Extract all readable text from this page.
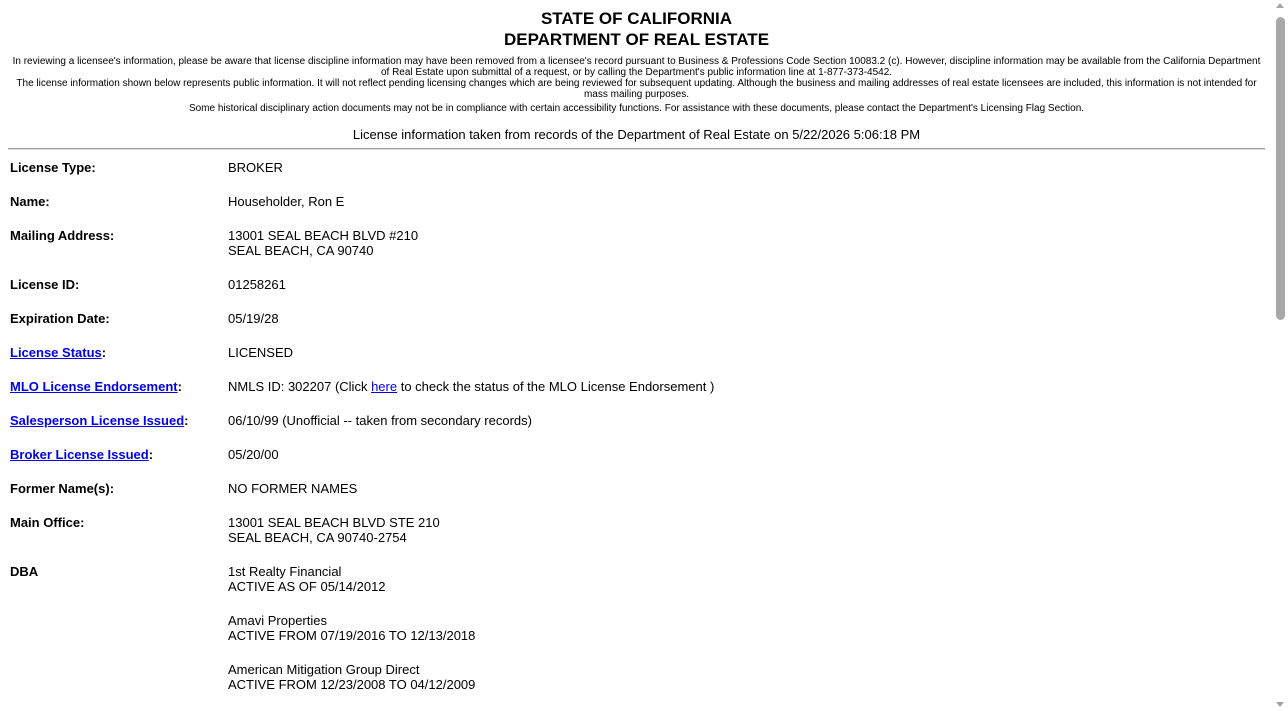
STATE OF CALIFORNIA
DEPARTMENT OF REAL ESTATE
In reviewing a licensee's information, please be aware that license discipline information may have been removed from a licensee's record pursuant to Business & Professions Code Section 10083.2 (c). However, discipline information may be available from the California Department of Real Estate upon submittal of a request, or by calling the Department's public information line at 1-877-373-4542.
The license information shown below represents public information. It will not reflect pending licensing changes which are being reviewed for subsequent updating. Although the business and mailing addresses of real estate licensees are included, this information is not intended for mass mailing purposes.
Some historical disciplinary action documents may not be in compliance with certain accessibility functions. For assistance with these documents, please contact the Department's Licensing Flag Section.
License information taken from records of the Department of Real Estate on 5/22/2026 5:06:18 PM
License Type:	BROKER
Name:	Householder, Ron E
Mailing Address:	13001 SEAL BEACH BLVD #210
SEAL BEACH, CA 90740
License ID:	01258261
Expiration Date:	05/19/28
License Status:	LICENSED
MLO License Endorsement:	NMLS ID: 302207 (Click here to check the status of the MLO License Endorsement )
Salesperson License Issued:	06/10/99 (Unofficial -- taken from secondary records)
Broker License Issued:	05/20/00
Former Name(s):	NO FORMER NAMES
Main Office:	13001 SEAL BEACH BLVD STE 210
SEAL BEACH, CA 90740-2754
DBA	1st Realty Financial
ACTIVE AS OF 05/14/2012
Amavi Properties
ACTIVE FROM 07/19/2016 TO 12/13/2018
American Mitigation Group Direct
ACTIVE FROM 12/23/2008 TO 04/12/2009
